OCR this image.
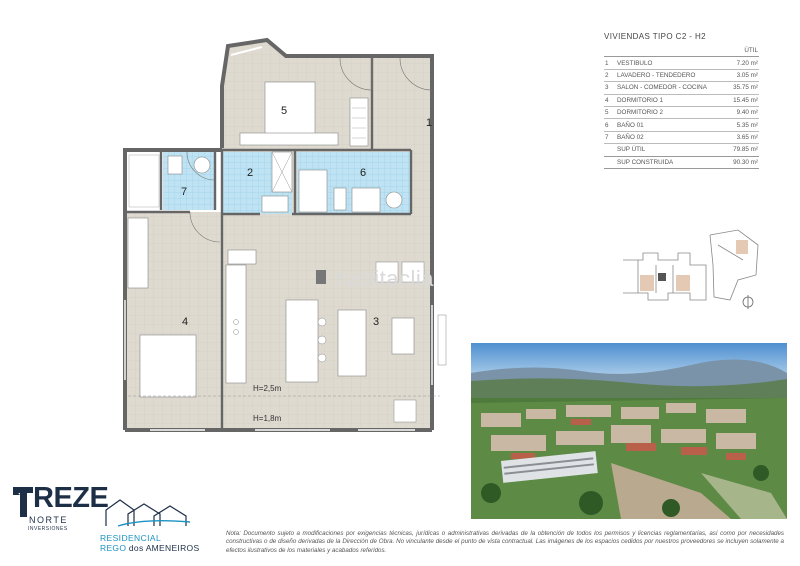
1
2
3
4
5
6
7
H=2,5m
H=1,8m
habitaclia
VIVIENDAS TIPO C2 - H2
		ÚTIL
1	VESTIBULO	7.20 m²
2	LAVADERO - TENDEDERO	3.05 m²
3	SALON - COMEDOR - COCINA	35.75 m²
4	DORMITORIO 1	15.45 m²
5	DORMITORIO 2	9.40 m²
6	BAÑO 01	5.35 m²
7	BAÑO 02	3.65 m²
	SUP ÚTIL	79.85 m²
	SUP CONSTRUIDA	90.30 m²
Nota: Documento sujeto a modificaciones por exigencias técnicas, jurídicas o administrativas derivadas de la obtención de todos los permisos y licencias reglamentarias, así como por necesidades constructivas o de diseño derivadas de la Dirección de Obra. No vinculante desde el punto de vista contractual. Las imágenes de los espacios cedidos por nuestros proveedores se incluyen solamente a efectos ilustrativos de los materiales y acabados referidos.
REZE
NORTE
INVERSIONES
RESIDENCIAL
REGO dos AMENEIROS
